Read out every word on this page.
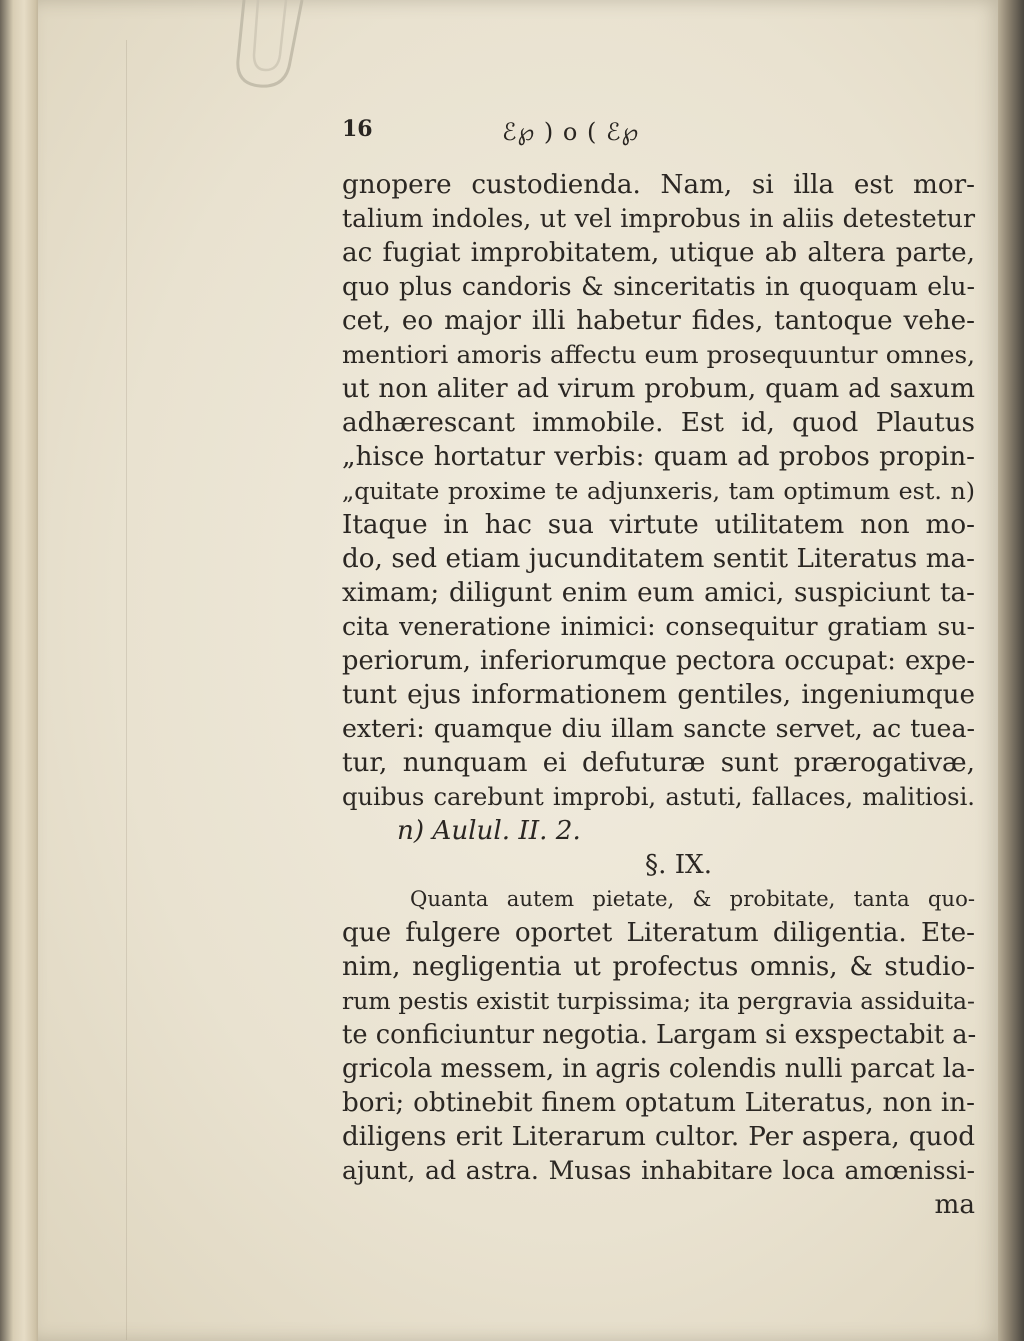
16	ℰ℘ ) o ( ℰ℘
gnopere custodienda. Nam, si illa est mor-
talium indoles, ut vel improbus in aliis detestetur
ac fugiat improbitatem, utique ab altera parte,
quo plus candoris & sinceritatis in quoquam elu-
cet, eo major illi habetur fides, tantoque vehe-
mentiori amoris affectu eum prosequuntur omnes,
ut non aliter ad virum probum, quam ad saxum
adhærescant immobile. Est id, quod Plautus
„hisce hortatur verbis: quam ad probos propin-
„quitate proxime te adjunxeris, tam optimum est. n)
Itaque in hac sua virtute utilitatem non mo-
do, sed etiam jucunditatem sentit Literatus ma-
ximam; diligunt enim eum amici, suspiciunt ta-
cita veneratione inimici: consequitur gratiam su-
periorum, inferiorumque pectora occupat: expe-
tunt ejus informationem gentiles, ingeniumque
exteri: quamque diu illam sancte servet, ac tuea-
tur, nunquam ei defuturæ sunt prærogativæ,
quibus carebunt improbi, astuti, fallaces, malitiosi.
n) Aulul. II. 2.
§. IX.
Quanta autem pietate, & probitate, tanta quo-
que fulgere oportet Literatum diligentia. Ete-
nim, negligentia ut profectus omnis, & studio-
rum pestis existit turpissima; ita pergravia assiduita-
te conficiuntur negotia. Largam si exspectabit a-
gricola messem, in agris colendis nulli parcat la-
bori; obtinebit finem optatum Literatus, non in-
diligens erit Literarum cultor. Per aspera, quod
ajunt, ad astra. Musas inhabitare loca amœnissi-
ma
